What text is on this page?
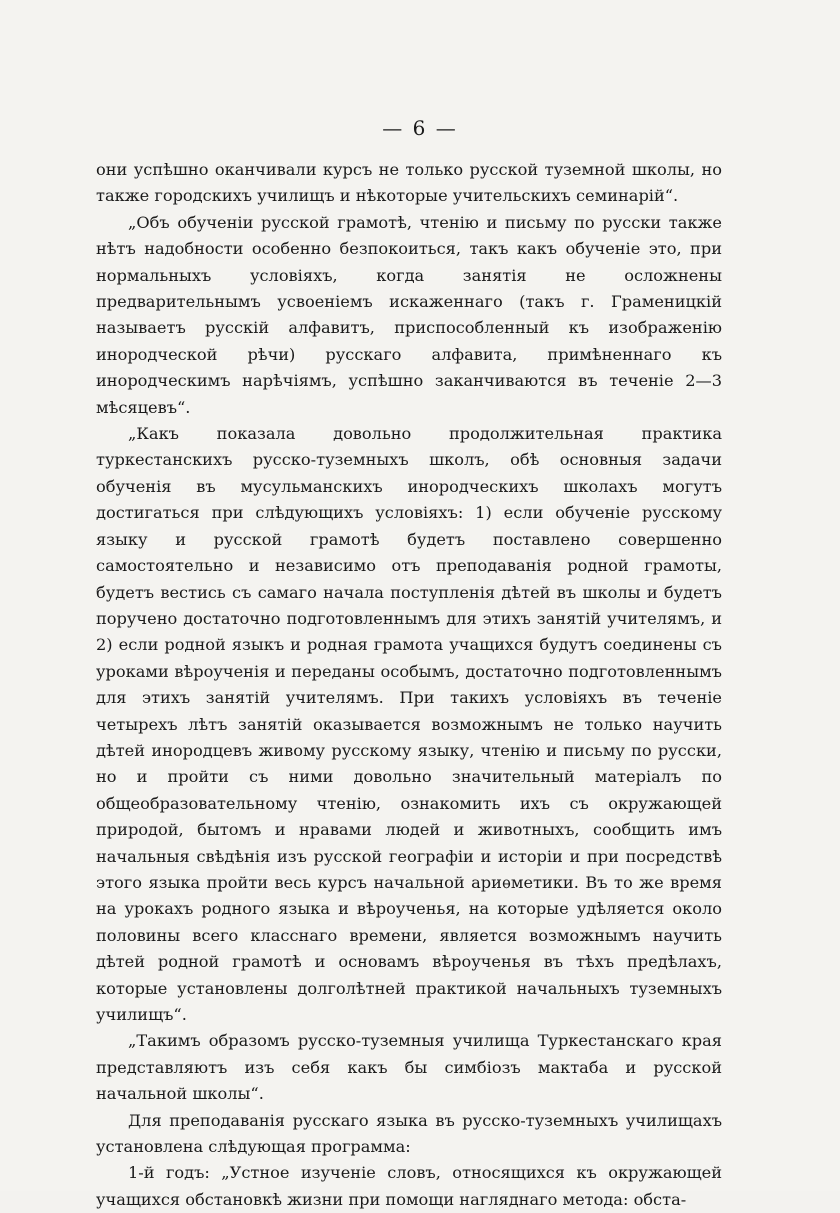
— 6 —

они успѣшно оканчивали курсъ не только русской туземной школы, но также городскихъ училищъ и нѣкоторые учительскихъ семинарій“.

„Объ обученіи русской грамотѣ, чтенію и письму по русски также нѣтъ надобности особенно безпокоиться, такъ какъ обученіе это, при нормальныхъ условіяхъ, когда занятія не осложнены предварительнымъ усвоеніемъ искаженнаго (такъ г. Граменицкій называетъ русскій алфавитъ, приспособленный къ изображенію инородческой рѣчи) русскаго алфавита, примѣненнаго къ инородческимъ нарѣчіямъ, успѣшно заканчиваются въ теченіе 2—3 мѣсяцевъ“.

„Какъ показала довольно продолжительная практика туркестанскихъ русско-туземныхъ школъ, обѣ основныя задачи обученія въ мусульманскихъ инородческихъ школахъ могутъ достигаться при слѣдующихъ условіяхъ: 1) если обученіе русскому языку и русской грамотѣ будетъ поставлено совершенно самостоятельно и независимо отъ преподаванія родной грамоты, будетъ вестись съ самаго начала поступленія дѣтей въ школы и будетъ поручено достаточно подготовленнымъ для этихъ занятій учителямъ, и 2) если родной языкъ и родная грамота учащихся будутъ соединены съ уроками вѣроученія и переданы особымъ, достаточно подготовленнымъ для этихъ занятій учителямъ. При такихъ условіяхъ въ теченіе четырехъ лѣтъ занятій оказывается возможнымъ не только научить дѣтей инородцевъ живому русскому языку, чтенію и письму по русски, но и пройти съ ними довольно значительный матеріалъ по общеобразовательному чтенію, ознакомить ихъ съ окружающей природой, бытомъ и нравами людей и животныхъ, сообщить имъ начальныя свѣдѣнія изъ русской географіи и исторіи и при посредствѣ этого языка пройти весь курсъ начальной ариѳметики. Въ то же время на урокахъ родного языка и вѣроученья, на которые удѣляется около половины всего класснаго времени, является возможнымъ научить дѣтей родной грамотѣ и основамъ вѣроученья въ тѣхъ предѣлахъ, которые установлены долголѣтней практикой начальныхъ туземныхъ училищъ“.

„Такимъ образомъ русско-туземныя училища Туркестанскаго края представляютъ изъ себя какъ бы симбіозъ мактаба и русской начальной школы“.

Для преподаванія русскаго языка въ русско-туземныхъ училищахъ установлена слѣдующая программа:

1-й годъ: „Устное изученіе словъ, относящихся къ окружающей учащихся обстановкѣ жизни при помощи нагляднаго метода: обста-
